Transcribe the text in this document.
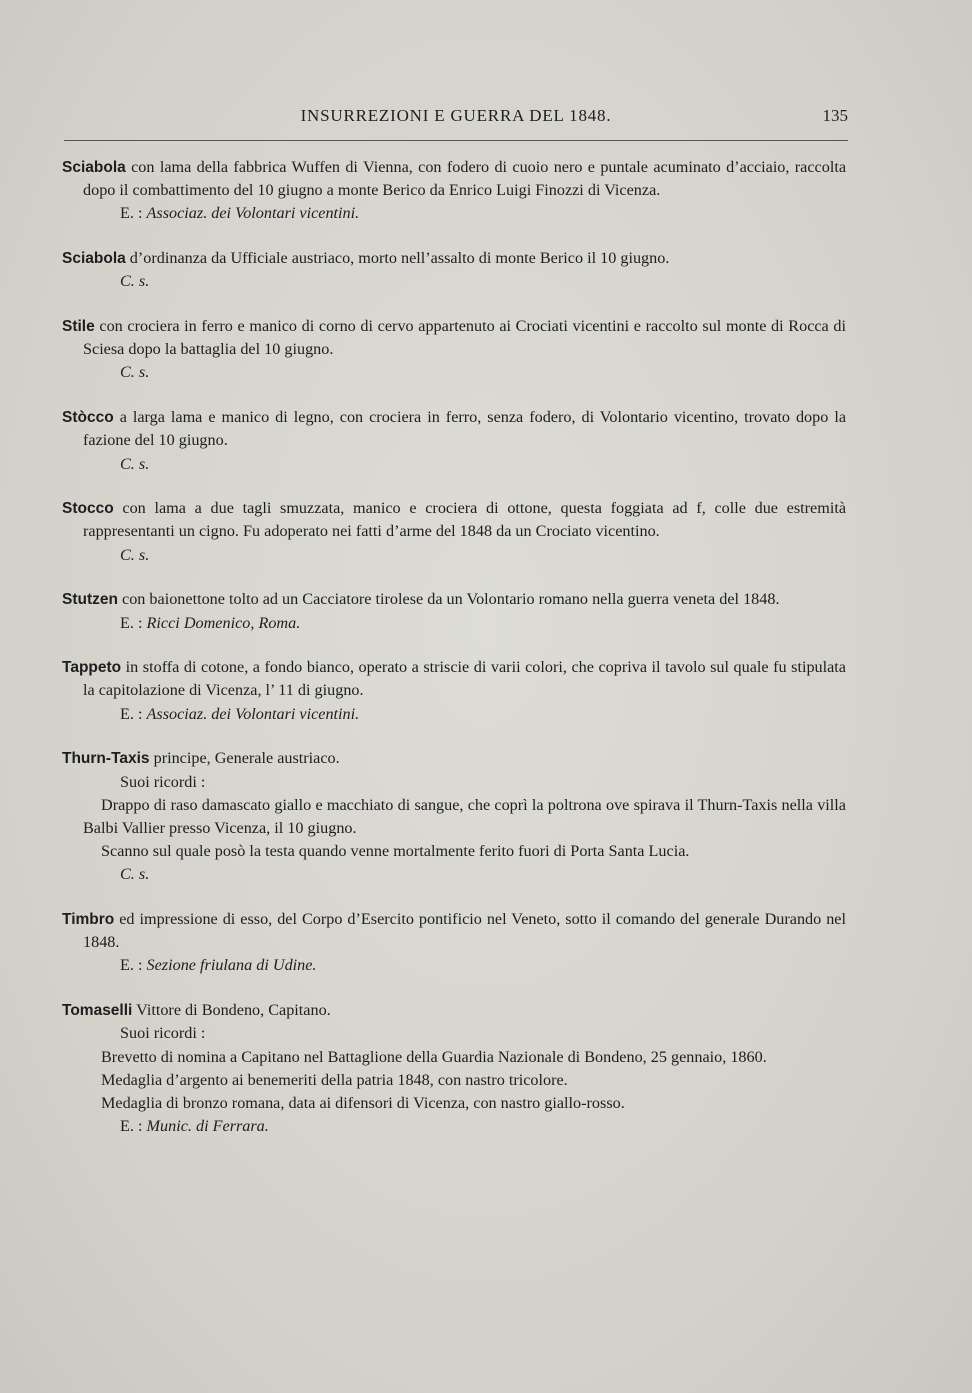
INSURREZIONI E GUERRA DEL 1848.	135

Sciabola con lama della fabbrica Wuffen di Vienna, con fodero di cuoio nero e puntale acuminato d’acciaio, raccolta dopo il combattimento del 10 giugno a monte Berico da Enrico Luigi Finozzi di Vicenza.

E. : Associaz. dei Volontari vicentini.

Sciabola d’ordinanza da Ufficiale austriaco, morto nell’assalto di monte Berico il 10 giugno.

C. s.

Stile con crociera in ferro e manico di corno di cervo appartenuto ai Crociati vicentini e raccolto sul monte di Rocca di Sciesa dopo la battaglia del 10 giugno.

C. s.

Stòcco a larga lama e manico di legno, con crociera in ferro, senza fodero, di Volontario vicentino, trovato dopo la fazione del 10 giugno.

C. s.

Stocco con lama a due tagli smuzzata, manico e crociera di ottone, questa foggiata ad f, colle due estremità rappresentanti un cigno. Fu adoperato nei fatti d’arme del 1848 da un Crociato vicentino.

C. s.

Stutzen con baionettone tolto ad un Cacciatore tirolese da un Volontario romano nella guerra veneta del 1848.

E. : Ricci Domenico, Roma.

Tappeto in stoffa di cotone, a fondo bianco, operato a striscie di varii colori, che copriva il tavolo sul quale fu stipulata la capitolazione di Vicenza, l’ 11 di giugno.

E. : Associaz. dei Volontari vicentini.

Thurn-Taxis principe, Generale austriaco.

Suoi ricordi :

Drappo di raso damascato giallo e macchiato di sangue, che coprì la poltrona ove spirava il Thurn-Taxis nella villa Balbi Vallier presso Vicenza, il 10 giugno.

Scanno sul quale posò la testa quando venne mortalmente ferito fuori di Porta Santa Lucia.

C. s.

Timbro ed impressione di esso, del Corpo d’Esercito pontificio nel Veneto, sotto il comando del generale Durando nel 1848.

E. : Sezione friulana di Udine.

Tomaselli Vittore di Bondeno, Capitano.

Suoi ricordi :

Brevetto di nomina a Capitano nel Battaglione della Guardia Nazionale di Bondeno, 25 gennaio, 1860.

Medaglia d’argento ai benemeriti della patria 1848, con nastro tricolore.

Medaglia di bronzo romana, data ai difensori di Vicenza, con nastro giallo-rosso.

E. : Munic. di Ferrara.
